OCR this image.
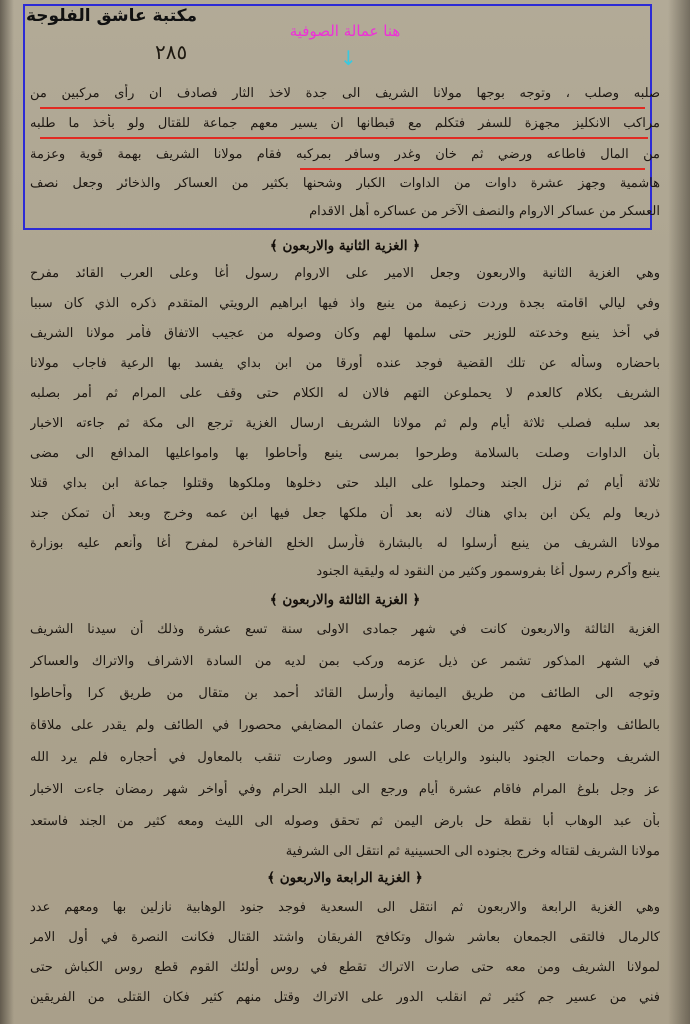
مكتبة عاشق الفلوجة
هنا عمالة الصوفية
↓
٢٨٥
صلبه وصلب ، وتوجه بوجها مولانا الشريف الى جدة لاخذ الثار فصادف ان رأى مركبين من
مراكب الانكليز مجهزة للسفر فتكلم مع قبطانها ان يسير معهم جماعة للقتال ولو بأخذ ما طلبه
من المال فاطاعه ورضي ثم خان وغدر وسافر بمركبه فقام مولانا الشريف بهمة قوية وعزمة
هاشمية وجهز عشرة داوات من الداوات الكبار وشحنها بكثير من العساكر والذخائر وجعل نصف
العسكر من عساكر الاروام والنصف الآخر من عساكره أهل الاقدام
﴿ الغزية الثانية والاربعون ﴾
وهي الغزية الثانية والاربعون وجعل الامير على الاروام رسول أغا وعلى العرب القائد مفرح
وفي ليالي اقامته بجدة وردت زعيمة من ينبع واذ فيها ابراهيم الرويتي المتقدم ذكره الذي كان سببا
في أخذ ينبع وخدعته للوزير حتى سلمها لهم وكان وصوله من عجيب الاتفاق فأمر مولانا الشريف
باحضاره وسأله عن تلك القضية فوجد عنده أورقا من ابن بداي يفسد بها الرعية فاجاب مولانا
الشريف بكلام كالعدم لا يحملوعن التهم فالان له الكلام حتى وقف على المرام ثم أمر بصلبه
بعد سلبه فصلب ثلاثة أيام ولم ثم مولانا الشريف ارسال الغزية ترجع الى مكة ثم جاءته الاخبار
بأن الداوات وصلت بالسلامة وطرحوا بمرسى ينبع وأحاطوا بها وامواعليها المدافع الى مضى
ثلاثة أيام ثم نزل الجند وحملوا على البلد حتى دخلوها وملكوها وقتلوا جماعة ابن بداي قتلا
ذريعا ولم يكن ابن بداي هناك لانه بعد أن ملكها جعل فيها ابن عمه وخرج وبعد أن تمكن جند
مولانا الشريف من ينبع أرسلوا له بالبشارة فأرسل الخلع الفاخرة لمفرح أغا وأنعم عليه بوزارة
ينبع وأكرم رسول أغا بفروسمور وكثير من النقود له وليقية الجنود
﴿ الغزية الثالثة والاربعون ﴾
الغزية الثالثة والاربعون كانت في شهر جمادى الاولى سنة تسع عشرة وذلك أن سيدنا الشريف
في الشهر المذكور تشمر عن ذيل عزمه وركب بمن لديه من السادة الاشراف والاتراك والعساكر
وتوجه الى الطائف من طريق اليمانية وأرسل القائد أحمد بن متقال من طريق كرا وأحاطوا
بالطائف واجتمع معهم كثير من العربان وصار عثمان المضايفي محصورا في الطائف ولم يقدر على ملاقاة
الشريف وحمات الجنود بالبنود والرايات على السور وصارت تنقب بالمعاول في أحجاره فلم يرد الله
عز وجل بلوغ المرام فاقام عشرة أيام ورجع الى البلد الحرام وفي أواخر شهر رمضان جاءت الاخبار
بأن عبد الوهاب أبا نقطة حل بارض اليمن ثم تحقق وصوله الى الليث ومعه كثير من الجند فاستعد
مولانا الشريف لقتاله وخرج بجنوده الى الحسينية ثم انتقل الى الشرفية
﴿ الغزية الرابعة والاربعون ﴾
وهي الغزية الرابعة والاربعون ثم انتقل الى السعدية فوجد جنود الوهابية نازلين بها ومعهم عدد
كالرمال فالتقى الجمعان بعاشر شوال وتكافح الفريقان واشتد القتال فكانت النصرة في أول الامر
لمولانا الشريف ومن معه حتى صارت الاتراك تقطع في روس أولئك القوم قطع روس الكباش حتى
فني من عسير جم كثير ثم انقلب الدور على الاتراك وقتل منهم كثير فكان القتلى من الفريقين
